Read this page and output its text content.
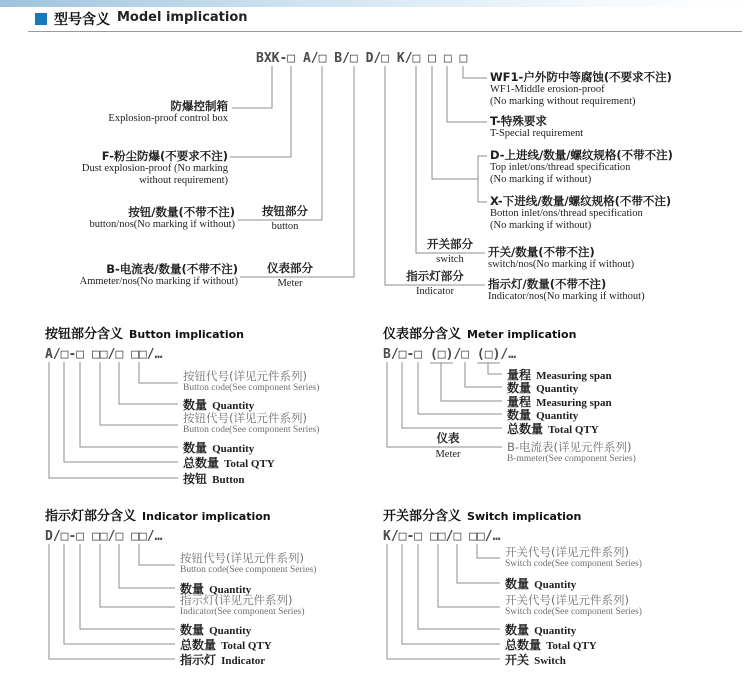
型号含义 Model implication
BXK-□ A/□ B/□ D/□ K/□ □ □ □
防爆控制箱
Explosion-proof control box
F-粉尘防爆(不要求不注)
Dust explosion-proof (No marking
without requirement)
按钮/数量(不带不注)
button/nos(No marking if without)
B-电流表/数量(不带不注)
Ammeter/nos(No marking if without)
按钮部分
button
仪表部分
Meter
开关部分
switch
指示灯部分
Indicator
WF1-户外防中等腐蚀(不要求不注)
WF1-Middle erosion-proof
(No marking without requirement)
T-特殊要求
T-Special requirement
D-上进线/数量/螺纹规格(不带不注)
Top inlet/ons/thread specification
(No marking if without)
X-下进线/数量/螺纹规格(不带不注)
Botton inlet/ons/thread specification
(No marking if without)
开关/数量(不带不注)
switch/nos(No marking if without)
指示灯/数量(不带不注)
Indicator/nos(No marking if without)
按钮部分含义 Button implication
A/□-□ □□/□ □□/…
按钮代号(详见元件系列)
Button code(See component Series)
数量 Quantity
按钮代号(详见元件系列)
Button code(See component Series)
数量 Quantity
总数量 Total QTY
按钮 Button
仪表部分含义 Meter implication
B/□-□ (□)/□ (□)/…
量程 Measuring span
数量 Quantity
量程 Measuring span
数量 Quantity
总数量 Total QTY
仪表
Meter
B-电流表(详见元件系列)
B-mmeter(See component Series)
指示灯部分含义 Indicator implication
D/□-□ □□/□ □□/…
按钮代号(详见元件系列)
Button code(See component Series)
数量 Quantity
指示灯(详见元件系列)
Indicator(See component Series)
数量 Quantity
总数量 Total QTY
指示灯 Indicator
开关部分含义 Switch implication
K/□-□ □□/□ □□/…
开关代号(详见元件系列)
Switch code(See component Series)
数量 Quantity
开关代号(详见元件系列)
Switch code(See component Series)
数量 Quantity
总数量 Total QTY
开关 Switch
